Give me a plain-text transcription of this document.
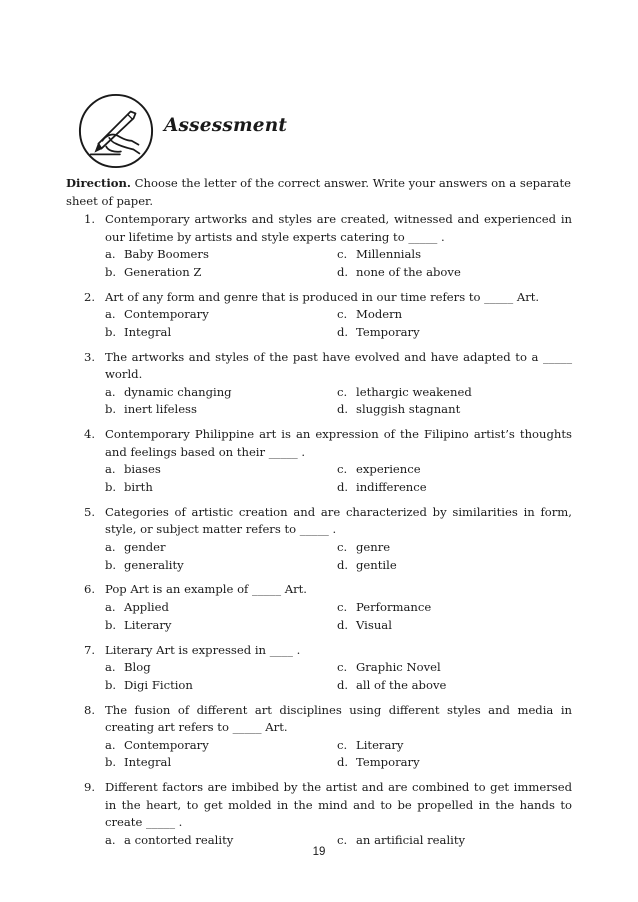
Assessment
Direction. Choose the letter of the correct answer. Write your answers on a separate sheet of paper.
1. Contemporary artworks and styles are created, witnessed and experienced in our lifetime by artists and style experts catering to _____ .
a. Baby Boomers	c. Millennials
b. Generation Z	d. none of the above
2. Art of any form and genre that is produced in our time refers to _____ Art.
a. Contemporary	c. Modern
b. Integral	d. Temporary
3. The artworks and styles of the past have evolved and have adapted to a _____ world.
a. dynamic changing	c. lethargic weakened
b. inert lifeless	d. sluggish stagnant
4. Contemporary Philippine art is an expression of the Filipino artist’s thoughts and feelings based on their _____ .
a. biases	c. experience
b. birth	d. indifference
5. Categories of artistic creation and are characterized by similarities in form, style, or subject matter refers to _____ .
a. gender	c. genre
b. generality	d. gentile
6. Pop Art is an example of _____ Art.
a. Applied	c. Performance
b. Literary	d. Visual
7. Literary Art is expressed in ____ .
a. Blog	c. Graphic Novel
b. Digi Fiction	d. all of the above
8. The fusion of different art disciplines using different styles and media in creating art refers to _____ Art.
a. Contemporary	c. Literary
b. Integral	d. Temporary
9. Different factors are imbibed by the artist and are combined to get immersed in the heart, to get molded in the mind and to be propelled in the hands to create _____ .
a. a contorted reality	c. an artificial reality
19
